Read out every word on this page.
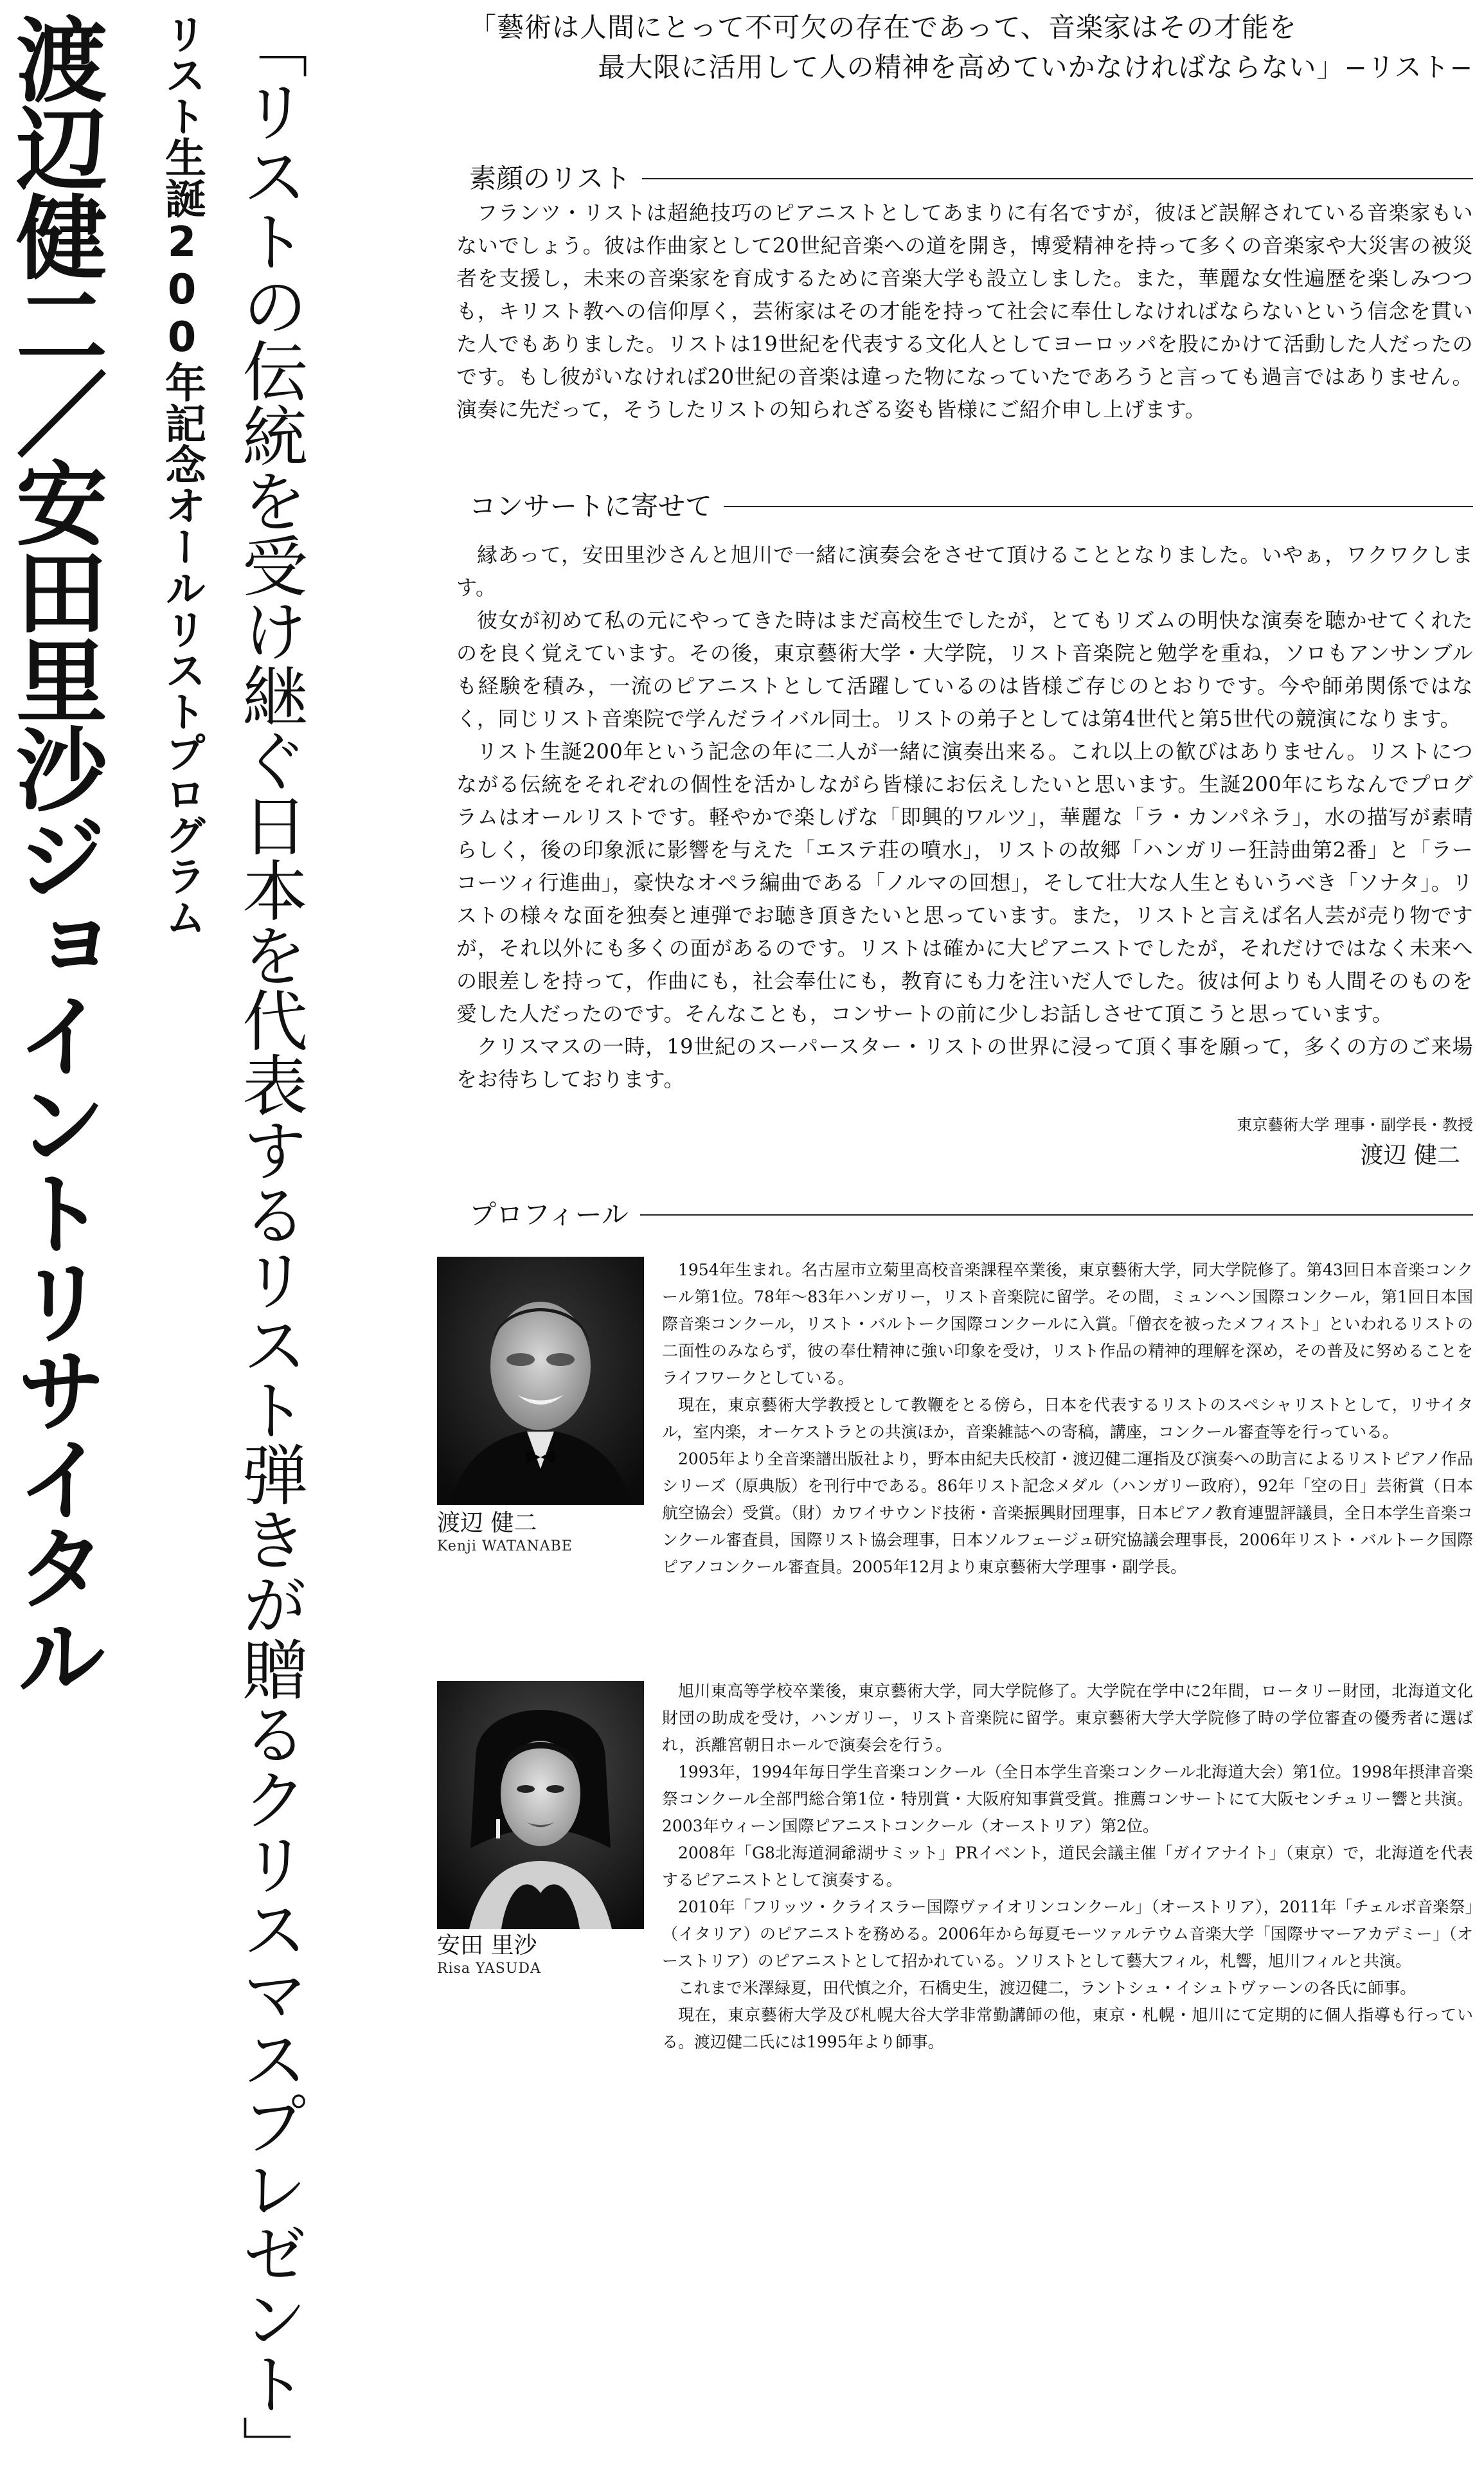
渡辺健二／安田里沙ジョイントリサイタル	リスト生誕200年記念オールリストプログラム 「リストの伝統を受け継ぐ日本を代表するリスト弾きが贈るクリスマスプレゼント」	「藝術は人間にとって不可欠の存在であって、音楽家はその才能を
最大限に活用して人の精神を高めていかなければならない」−リスト−
素顔のリスト

フランツ・リストは超絶技巧のピアニストとしてあまりに有名ですが，彼ほど誤解されている音楽家もいないでしょう。彼は作曲家として20世紀音楽への道を開き，博愛精神を持って多くの音楽家や大災害の被災者を支援し，未来の音楽家を育成するために音楽大学も設立しました。また，華麗な女性遍歴を楽しみつつも，キリスト教への信仰厚く，芸術家はその才能を持って社会に奉仕しなければならないという信念を貫いた人でもありました。リストは19世紀を代表する文化人としてヨーロッパを股にかけて活動した人だったのです。もし彼がいなければ20世紀の音楽は違った物になっていたであろうと言っても過言ではありません。演奏に先だって，そうしたリストの知られざる姿も皆様にご紹介申し上げます。

コンサートに寄せて

縁あって，安田里沙さんと旭川で一緒に演奏会をさせて頂けることとなりました。いやぁ，ワクワクします。

彼女が初めて私の元にやってきた時はまだ高校生でしたが，とてもリズムの明快な演奏を聴かせてくれたのを良く覚えています。その後，東京藝術大学・大学院，リスト音楽院と勉学を重ね，ソロもアンサンブルも経験を積み，一流のピアニストとして活躍しているのは皆様ご存じのとおりです。今や師弟関係ではなく，同じリスト音楽院で学んだライバル同士。リストの弟子としては第4世代と第5世代の競演になります。

リスト生誕200年という記念の年に二人が一緒に演奏出来る。これ以上の歓びはありません。リストにつながる伝統をそれぞれの個性を活かしながら皆様にお伝えしたいと思います。生誕200年にちなんでプログラムはオールリストです。軽やかで楽しげな「即興的ワルツ」，華麗な「ラ・カンパネラ」，水の描写が素晴らしく，後の印象派に影響を与えた「エステ荘の噴水」，リストの故郷「ハンガリー狂詩曲第2番」と「ラーコーツィ行進曲」，豪快なオペラ編曲である「ノルマの回想」，そして壮大な人生ともいうべき「ソナタ」。リストの様々な面を独奏と連弾でお聴き頂きたいと思っています。また，リストと言えば名人芸が売り物ですが，それ以外にも多くの面があるのです。リストは確かに大ピアニストでしたが，それだけではなく未来への眼差しを持って，作曲にも，社会奉仕にも，教育にも力を注いだ人でした。彼は何よりも人間そのものを愛した人だったのです。そんなことも，コンサートの前に少しお話しさせて頂こうと思っています。

クリスマスの一時，19世紀のスーパースター・リストの世界に浸って頂く事を願って，多くの方のご来場をお待ちしております。

東京藝術大学 理事・副学長・教授
渡辺 健二
プロフィール
渡辺 健二
Kenji WATANABE

1954年生まれ。名古屋市立菊里高校音楽課程卒業後，東京藝術大学，同大学院修了。第43回日本音楽コンクール第1位。78年〜83年ハンガリー，リスト音楽院に留学。その間，ミュンヘン国際コンクール，第1回日本国際音楽コンクール，リスト・バルトーク国際コンクールに入賞。「僧衣を被ったメフィスト」といわれるリストの二面性のみならず，彼の奉仕精神に強い印象を受け，リスト作品の精神的理解を深め，その普及に努めることをライフワークとしている。

現在，東京藝術大学教授として教鞭をとる傍ら，日本を代表するリストのスペシャリストとして，リサイタル，室内楽，オーケストラとの共演ほか，音楽雑誌への寄稿，講座，コンクール審査等を行っている。

2005年より全音楽譜出版社より，野本由紀夫氏校訂・渡辺健二運指及び演奏への助言によるリストピアノ作品シリーズ（原典版）を刊行中である。86年リスト記念メダル（ハンガリー政府），92年「空の日」芸術賞（日本航空協会）受賞。（財）カワイサウンド技術・音楽振興財団理事，日本ピアノ教育連盟評議員，全日本学生音楽コンクール審査員，国際リスト協会理事，日本ソルフェージュ研究協議会理事長，2006年リスト・バルトーク国際ピアノコンクール審査員。2005年12月より東京藝術大学理事・副学長。

安田 里沙
Risa YASUDA

旭川東高等学校卒業後，東京藝術大学，同大学院修了。大学院在学中に2年間，ロータリー財団，北海道文化財団の助成を受け，ハンガリー，リスト音楽院に留学。東京藝術大学大学院修了時の学位審査の優秀者に選ばれ，浜離宮朝日ホールで演奏会を行う。

1993年，1994年毎日学生音楽コンクール（全日本学生音楽コンクール北海道大会）第1位。1998年摂津音楽祭コンクール全部門総合第1位・特別賞・大阪府知事賞受賞。推薦コンサートにて大阪センチュリー響と共演。2003年ウィーン国際ピアニストコンクール（オーストリア）第2位。

2008年「G8北海道洞爺湖サミット」PRイベント，道民会議主催「ガイアナイト」（東京）で，北海道を代表するピアニストとして演奏する。

2010年「フリッツ・クライスラー国際ヴァイオリンコンクール」（オーストリア），2011年「チェルボ音楽祭」（イタリア）のピアニストを務める。2006年から毎夏モーツァルテウム音楽大学「国際サマーアカデミー」（オーストリア）のピアニストとして招かれている。ソリストとして藝大フィル，札響，旭川フィルと共演。

これまで米澤緑夏，田代慎之介，石橋史生，渡辺健二，ラントシュ・イシュトヴァーンの各氏に師事。

現在，東京藝術大学及び札幌大谷大学非常勤講師の他，東京・札幌・旭川にて定期的に個人指導も行っている。渡辺健二氏には1995年より師事。
